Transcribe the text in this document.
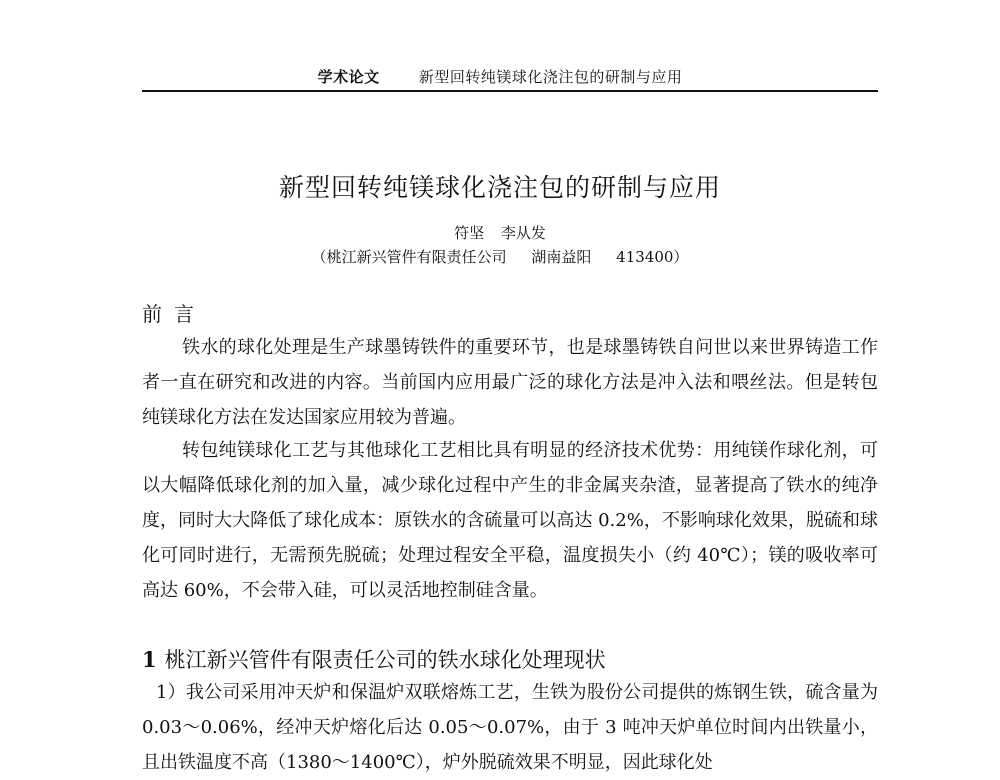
学术论文	新型回转纯镁球化浇注包的研制与应用
新型回转纯镁球化浇注包的研制与应用
符坚 李从发
（桃江新兴管件有限责任公司 湖南益阳 413400）
前言

铁水的球化处理是生产球墨铸铁件的重要环节，也是球墨铸铁自问世以来世界铸造工作者一直在研究和改进的内容。当前国内应用最广泛的球化方法是冲入法和喂丝法。但是转包纯镁球化方法在发达国家应用较为普遍。

转包纯镁球化工艺与其他球化工艺相比具有明显的经济技术优势：用纯镁作球化剂，可以大幅降低球化剂的加入量，减少球化过程中产生的非金属夹杂渣，显著提高了铁水的纯净度，同时大大降低了球化成本：原铁水的含硫量可以高达 0.2%，不影响球化效果，脱硫和球化可同时进行，无需预先脱硫；处理过程安全平稳，温度损失小（约 40℃）；镁的吸收率可高达 60%，不会带入硅，可以灵活地控制硅含量。

1 桃江新兴管件有限责任公司的铁水球化处理现状

1）我公司采用冲天炉和保温炉双联熔炼工艺，生铁为股份公司提供的炼钢生铁，硫含量为 0.03～0.06%，经冲天炉熔化后达 0.05～0.07%，由于 3 吨冲天炉单位时间内出铁量小，且出铁温度不高（1380～1400℃），炉外脱硫效果不明显，因此球化处
